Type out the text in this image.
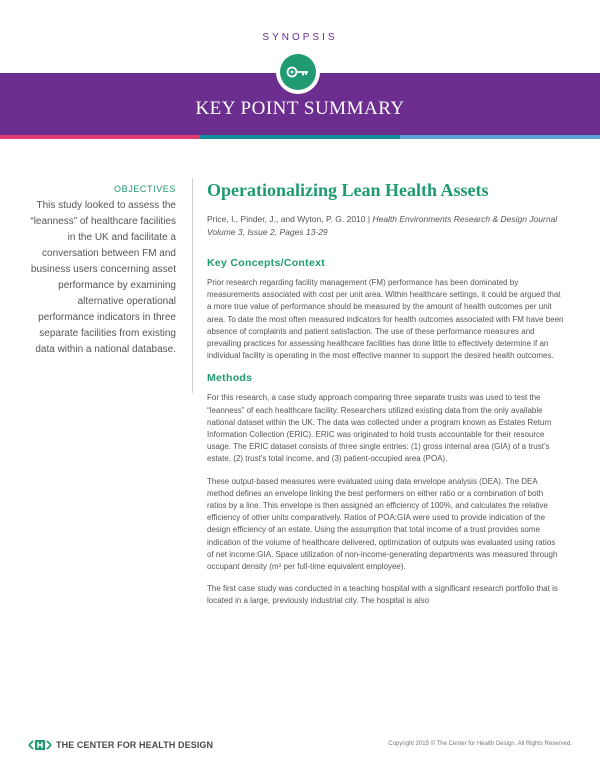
SYNOPSIS
KEY POINT SUMMARY
OBJECTIVES
This study looked to assess the “leanness” of healthcare facilities in the UK and facilitate a conversation between FM and business users concerning asset performance by examining alternative operational performance indicators in three separate facilities from existing data within a national database.
Operationalizing Lean Health Assets
Price, I., Pinder, J., and Wyton, P. G. 2010 | Health Environments Research & Design Journal Volume 3, Issue 2, Pages 13-29
Key Concepts/Context

Prior research regarding facility management (FM) performance has been dominated by measurements associated with cost per unit area. Within healthcare settings, it could be argued that a more true value of performance should be measured by the amount of health outcomes per unit area. To date the most often measured indicators for health outcomes associated with FM have been absence of complaints and patient satisfaction. The use of these performance measures and prevailing practices for assessing healthcare facilities has done little to effectively determine if an individual facility is operating in the most effective manner to support the desired health outcomes.

Methods

For this research, a case study approach comparing three separate trusts was used to test the “leanness” of each healthcare facility. Researchers utilized existing data from the only available national dataset within the UK. The data was collected under a program known as Estates Return Information Collection (ERIC). ERIC was originated to hold trusts accountable for their resource usage. The ERIC dataset consists of three single entries: (1) gross internal area (GIA) of a trust’s estate, (2) trust’s total income, and (3) patient-occupied area (POA).

These output-based measures were evaluated using data envelope analysis (DEA). The DEA method defines an envelope linking the best performers on either ratio or a combination of both ratios by a line. This envelope is then assigned an efficiency of 100%, and calculates the relative efficiency of other units comparatively. Ratios of POA:GIA were used to provide indication of the design efficiency of an estate. Using the assumption that total income of a trust provides some indication of the volume of healthcare delivered, optimization of outputs was evaluated using ratios of net income:GIA. Space utilization of non-income-generating departments was measured through occupant density (m² per full-time equivalent employee).

The first case study was conducted in a teaching hospital with a significant research portfolio that is located in a large, previously industrial city. The hospital is also

THE CENTER FOR HEALTH DESIGN	Copyright 2015 © The Center for Health Design. All Rights Reserved.
